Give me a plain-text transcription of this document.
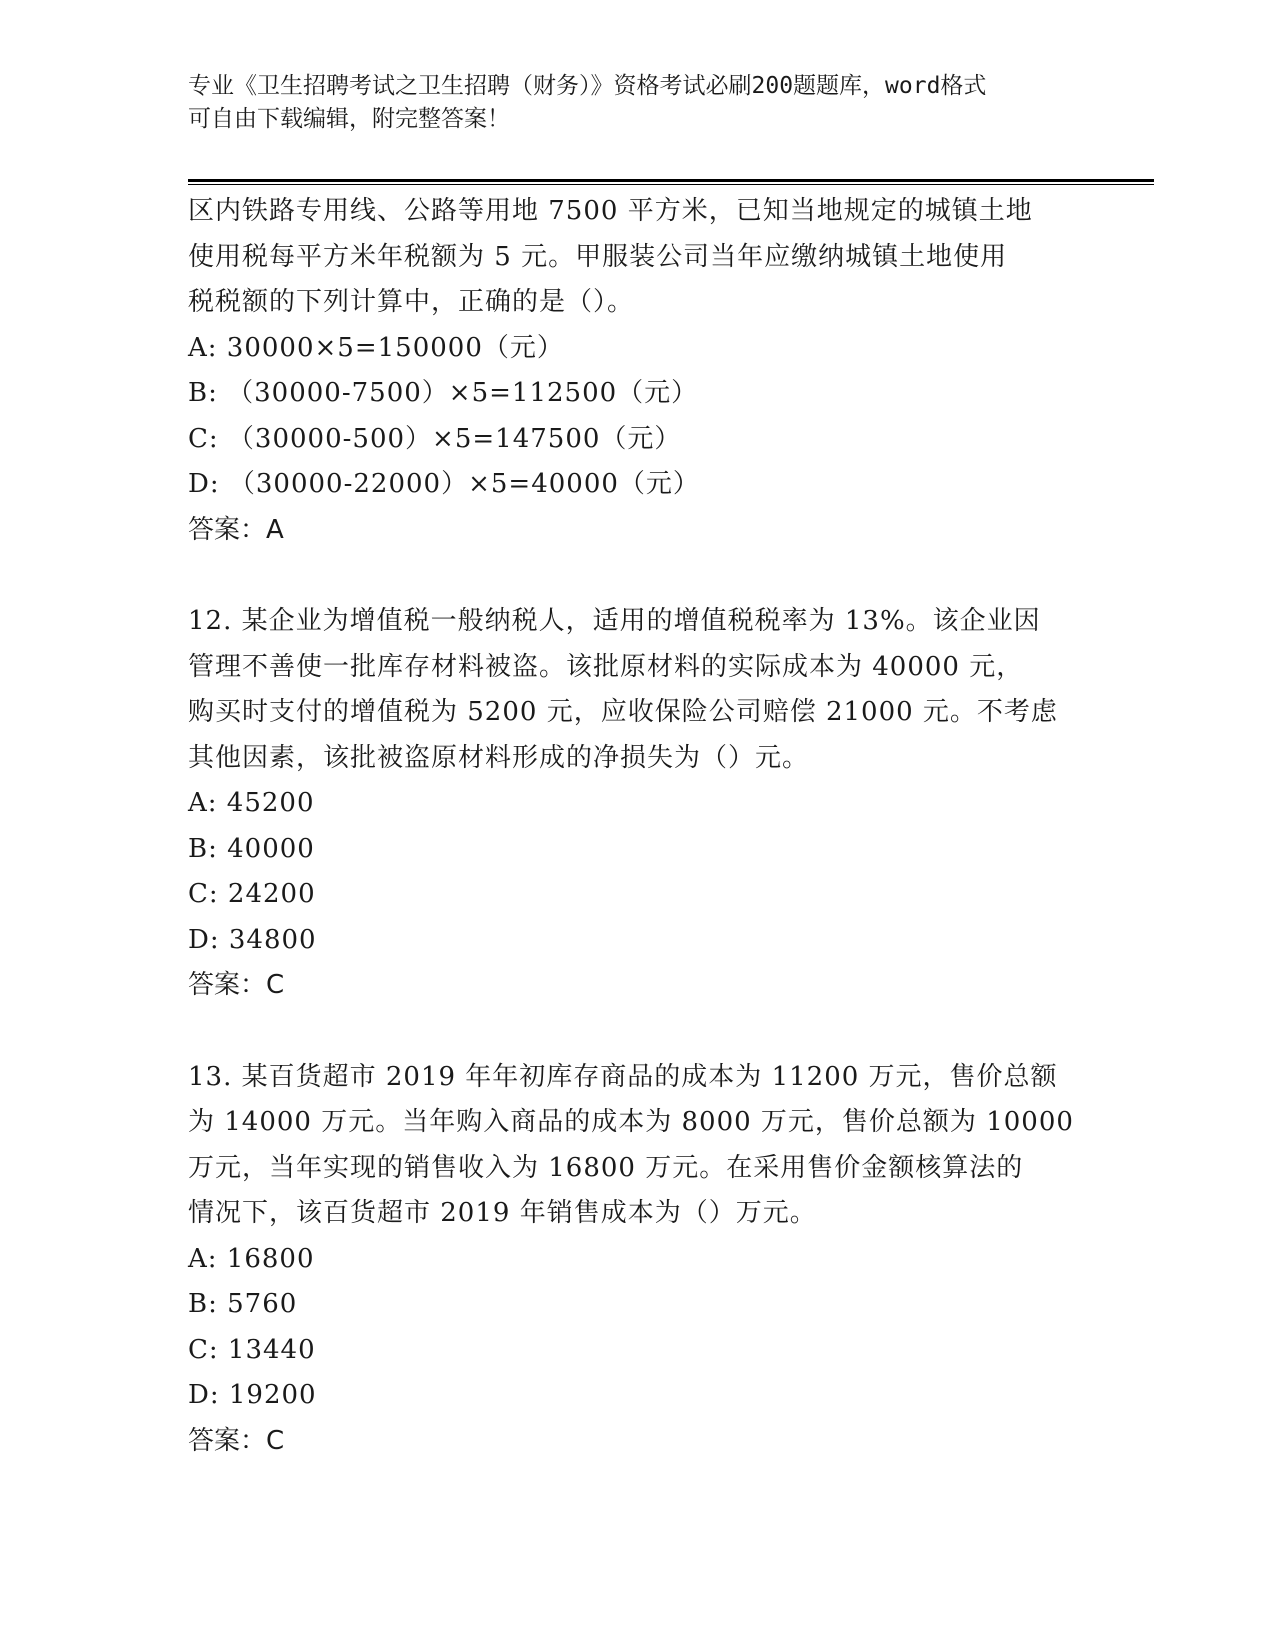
专业《卫生招聘考试之卫生招聘（财务）》资格考试必刷200题题库，word格式
可自由下载编辑，附完整答案！
区内铁路专用线、公路等用地 7500 平方米，已知当地规定的城镇土地
使用税每平方米年税额为 5 元。甲服装公司当年应缴纳城镇土地使用
税税额的下列计算中，正确的是（）。
A: 30000×5=150000（元）
B: （30000-7500）×5=112500（元）
C: （30000-500）×5=147500（元）
D: （30000-22000）×5=40000（元）
答案：A
12. 某企业为增值税一般纳税人，适用的增值税税率为 13%。该企业因
管理不善使一批库存材料被盗。该批原材料的实际成本为 40000 元，
购买时支付的增值税为 5200 元，应收保险公司赔偿 21000 元。不考虑
其他因素，该批被盗原材料形成的净损失为（）元。
A: 45200
B: 40000
C: 24200
D: 34800
答案：C
13. 某百货超市 2019 年年初库存商品的成本为 11200 万元，售价总额
为 14000 万元。当年购入商品的成本为 8000 万元，售价总额为 10000
万元，当年实现的销售收入为 16800 万元。在采用售价金额核算法的
情况下，该百货超市 2019 年销售成本为（）万元。
A: 16800
B: 5760
C: 13440
D: 19200
答案：C
